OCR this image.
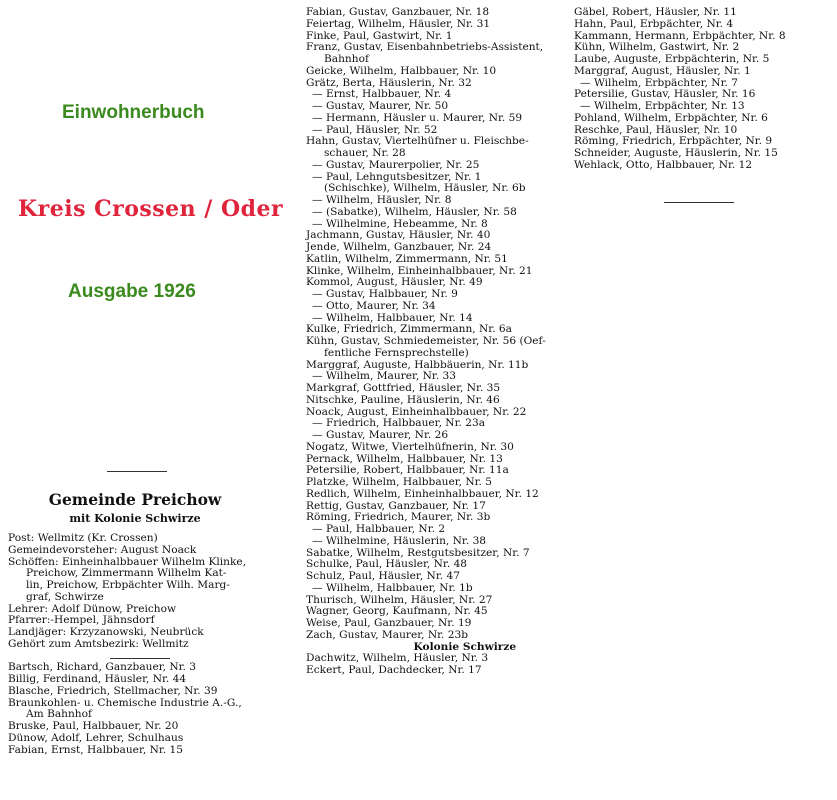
Einwohnerbuch
Kreis Crossen / Oder
Ausgabe 1926
Gemeinde Preichow
mit Kolonie Schwirze
Post: Wellmitz (Kr. Crossen)
Gemeindevorsteher: August Noack
Schöffen: Einheinhalbbauer Wilhelm Klinke,
Preichow, Zimmermann Wilhelm Kat-
lin, Preichow, Erbpächter Wilh. Marg-
graf, Schwirze
Lehrer: Adolf Dünow, Preichow
Pfarrer:-Hempel, Jähnsdorf
Landjäger: Krzyzanowski, Neubrück
Gehört zum Amtsbezirk: Wellmitz
Bartsch, Richard, Ganzbauer, Nr. 3
Billig, Ferdinand, Häusler, Nr. 44
Blasche, Friedrich, Stellmacher, Nr. 39
Braunkohlen- u. Chemische Industrie A.-G.,
Am Bahnhof
Bruske, Paul, Halbbauer, Nr. 20
Dünow, Adolf, Lehrer, Schulhaus
Fabian, Ernst, Halbbauer, Nr. 15
Fabian, Gustav, Ganzbauer, Nr. 18
Feiertag, Wilhelm, Häusler, Nr. 31
Finke, Paul, Gastwirt, Nr. 1
Franz, Gustav, Eisenbahnbetriebs-Assistent,
Bahnhof
Geicke, Wilhelm, Halbbauer, Nr. 10
Grätz, Berta, Häuslerin, Nr. 32
— Ernst, Halbbauer, Nr. 4
— Gustav, Maurer, Nr. 50
— Hermann, Häusler u. Maurer, Nr. 59
— Paul, Häusler, Nr. 52
Hahn, Gustav, Viertelhüfner u. Fleischbe-
schauer, Nr. 28
— Gustav, Maurerpolier, Nr. 25
— Paul, Lehngutsbesitzer, Nr. 1
(Schischke), Wilhelm, Häusler, Nr. 6b
— Wilhelm, Häusler, Nr. 8
— (Sabatke), Wilhelm, Häusler, Nr. 58
— Wilhelmine, Hebeamme, Nr. 8
Jachmann, Gustav, Häusler, Nr. 40
Jende, Wilhelm, Ganzbauer, Nr. 24
Katlin, Wilhelm, Zimmermann, Nr. 51
Klinke, Wilhelm, Einheinhalbbauer, Nr. 21
Kommol, August, Häusler, Nr. 49
— Gustav, Halbbauer, Nr. 9
— Otto, Maurer, Nr. 34
— Wilhelm, Halbbauer, Nr. 14
Kulke, Friedrich, Zimmermann, Nr. 6a
Kühn, Gustav, Schmiedemeister, Nr. 56 (Oef-
fentliche Fernsprechstelle)
Marggraf, Auguste, Halbbäuerin, Nr. 11b
— Wilhelm, Maurer, Nr. 33
Markgraf, Gottfried, Häusler, Nr. 35
Nitschke, Pauline, Häuslerin, Nr. 46
Noack, August, Einheinhalbbauer, Nr. 22
— Friedrich, Halbbauer, Nr. 23a
— Gustav, Maurer, Nr. 26
Nogatz, Witwe, Viertelhüfnerin, Nr. 30
Pernack, Wilhelm, Halbbauer, Nr. 13
Petersilie, Robert, Halbbauer, Nr. 11a
Platzke, Wilhelm, Halbbauer, Nr. 5
Redlich, Wilhelm, Einheinhalbbauer, Nr. 12
Rettig, Gustav, Ganzbauer, Nr. 17
Röming, Friedrich, Maurer, Nr. 3b
— Paul, Halbbauer, Nr. 2
— Wilhelmine, Häuslerin, Nr. 38
Sabatke, Wilhelm, Restgutsbesitzer, Nr. 7
Schulke, Paul, Häusler, Nr. 48
Schulz, Paul, Häusler, Nr. 47
— Wilhelm, Halbbauer, Nr. 1b
Thurisch, Wilhelm, Häusler, Nr. 27
Wagner, Georg, Kaufmann, Nr. 45
Weise, Paul, Ganzbauer, Nr. 19
Zach, Gustav, Maurer, Nr. 23b
Kolonie Schwirze
Dachwitz, Wilhelm, Häusler, Nr. 3
Eckert, Paul, Dachdecker, Nr. 17
Gäbel, Robert, Häusler, Nr. 11
Hahn, Paul, Erbpächter, Nr. 4
Kammann, Hermann, Erbpächter, Nr. 8
Kühn, Wilhelm, Gastwirt, Nr. 2
Laube, Auguste, Erbpächterin, Nr. 5
Marggraf, August, Häusler, Nr. 1
— Wilhelm, Erbpächter, Nr. 7
Petersilie, Gustav, Häusler, Nr. 16
— Wilhelm, Erbpächter, Nr. 13
Pohland, Wilhelm, Erbpächter, Nr. 6
Reschke, Paul, Häusler, Nr. 10
Röming, Friedrich, Erbpächter, Nr. 9
Schneider, Auguste, Häuslerin, Nr. 15
Wehlack, Otto, Halbbauer, Nr. 12
